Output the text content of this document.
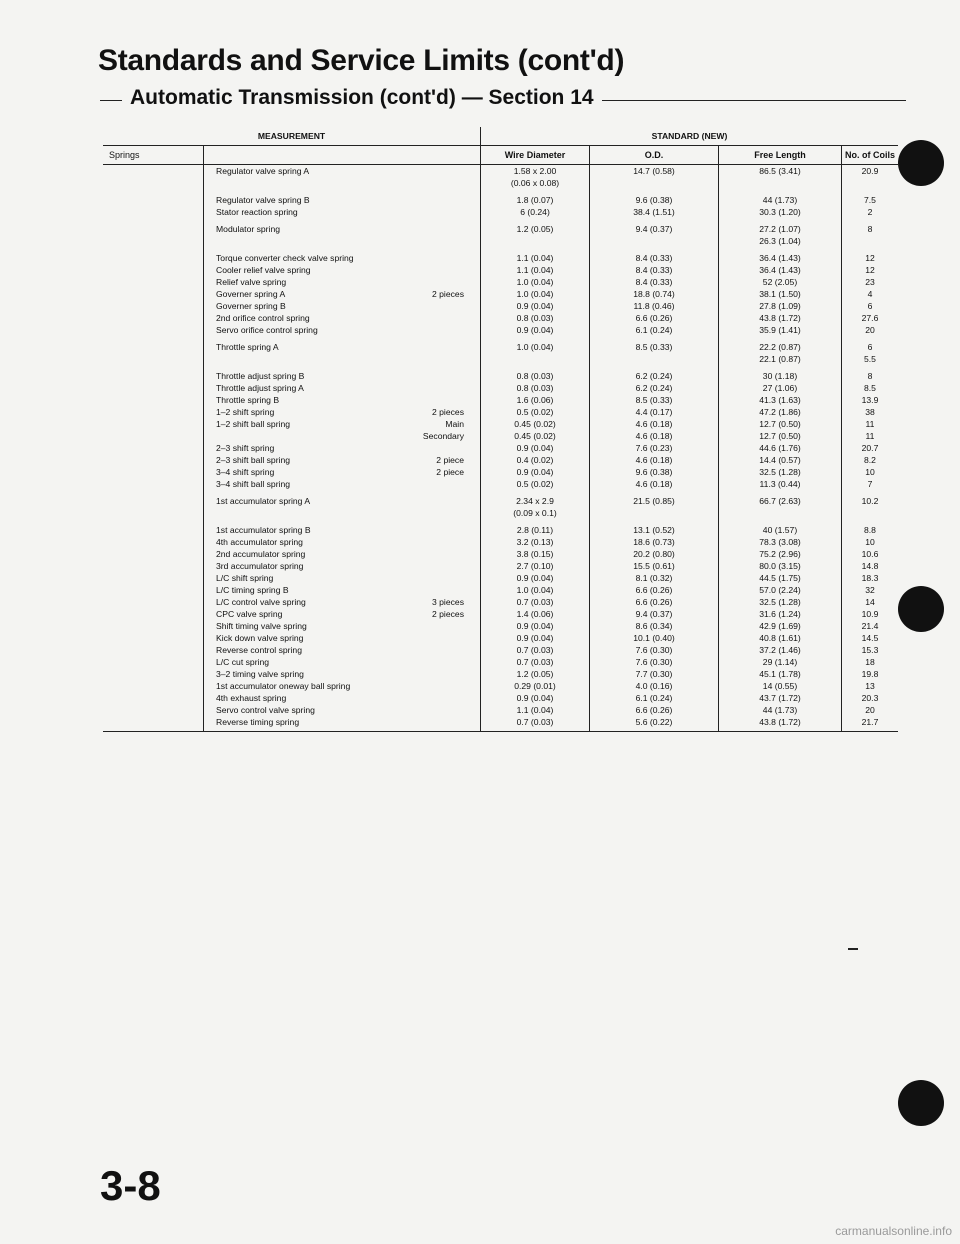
Standards and Service Limits (cont'd)
Automatic Transmission (cont'd) — Section 14
MEASUREMENT		STANDARD (NEW)			
Springs		Wire Diameter	O.D.	Free Length	No. of Coils

	Regulator valve spring A	1.58 x 2.00
(0.06 x 0.08)	14.7 (0.58)	86.5 (3.41)	20.9

	Regulator valve spring B	1.8 (0.07)	9.6 (0.38)	44 (1.73)	7.5

	Stator reaction spring	6 (0.24)	38.4 (1.51)	30.3 (1.20)	2

	Modulator spring	1.2 (0.05)	9.4 (0.37)	27.2 (1.07)
26.3 (1.04)	8

	Torque converter check valve spring	1.1 (0.04)	8.4 (0.33)	36.4 (1.43)	12

	Cooler relief valve spring	1.1 (0.04)	8.4 (0.33)	36.4 (1.43)	12

	Relief valve spring	1.0 (0.04)	8.4 (0.33)	52 (2.05)	23

	Governer spring A 2 pieces	1.0 (0.04)	18.8 (0.74)	38.1 (1.50)	4

	Governer spring B	0.9 (0.04)	11.8 (0.46)	27.8 (1.09)	6

	2nd orifice control spring	0.8 (0.03)	6.6 (0.26)	43.8 (1.72)	27.6

	Servo orifice control spring	0.9 (0.04)	6.1 (0.24)	35.9 (1.41)	20

	Throttle spring A	1.0 (0.04)	8.5 (0.33)	22.2 (0.87)
22.1 (0.87)	6
5.5

	Throttle adjust spring B	0.8 (0.03)	6.2 (0.24)	30 (1.18)	8

	Throttle adjust spring A	0.8 (0.03)	6.2 (0.24)	27 (1.06)	8.5

	Throttle spring B	1.6 (0.06)	8.5 (0.33)	41.3 (1.63)	13.9

	1–2 shift spring 2 pieces	0.5 (0.02)	4.4 (0.17)	47.2 (1.86)	38

	1–2 shift ball spring Main	0.45 (0.02)	4.6 (0.18)	12.7 (0.50)	11

	Secondary	0.45 (0.02)	4.6 (0.18)	12.7 (0.50)	11

	2–3 shift spring	0.9 (0.04)	7.6 (0.23)	44.6 (1.76)	20.7

	2–3 shift ball spring 2 piece	0.4 (0.02)	4.6 (0.18)	14.4 (0.57)	8.2

	3–4 shift spring 2 piece	0.9 (0.04)	9.6 (0.38)	32.5 (1.28)	10

	3–4 shift ball spring	0.5 (0.02)	4.6 (0.18)	11.3 (0.44)	7

	1st accumulator spring A	2.34 x 2.9
(0.09 x 0.1)	21.5 (0.85)	66.7 (2.63)	10.2

	1st accumulator spring B	2.8 (0.11)	13.1 (0.52)	40 (1.57)	8.8

	4th accumulator spring	3.2 (0.13)	18.6 (0.73)	78.3 (3.08)	10

	2nd accumulator spring	3.8 (0.15)	20.2 (0.80)	75.2 (2.96)	10.6

	3rd accumulator spring	2.7 (0.10)	15.5 (0.61)	80.0 (3.15)	14.8

	L/C shift spring	0.9 (0.04)	8.1 (0.32)	44.5 (1.75)	18.3

	L/C timing spring B	1.0 (0.04)	6.6 (0.26)	57.0 (2.24)	32

	L/C control valve spring 3 pieces	0.7 (0.03)	6.6 (0.26)	32.5 (1.28)	14

	CPC valve spring 2 pieces	1.4 (0.06)	9.4 (0.37)	31.6 (1.24)	10.9

	Shift timing valve spring	0.9 (0.04)	8.6 (0.34)	42.9 (1.69)	21.4

	Kick down valve spring	0.9 (0.04)	10.1 (0.40)	40.8 (1.61)	14.5

	Reverse control spring	0.7 (0.03)	7.6 (0.30)	37.2 (1.46)	15.3

	L/C cut spring	0.7 (0.03)	7.6 (0.30)	29 (1.14)	18

	3–2 timing valve spring	1.2 (0.05)	7.7 (0.30)	45.1 (1.78)	19.8

	1st accumulator oneway ball spring	0.29 (0.01)	4.0 (0.16)	14 (0.55)	13

	4th exhaust spring	0.9 (0.04)	6.1 (0.24)	43.7 (1.72)	20.3

	Servo control valve spring	1.1 (0.04)	6.6 (0.26)	44 (1.73)	20

	Reverse timing spring	0.7 (0.03)	5.6 (0.22)	43.8 (1.72)	21.7
3-8
carmanualsonline.info
